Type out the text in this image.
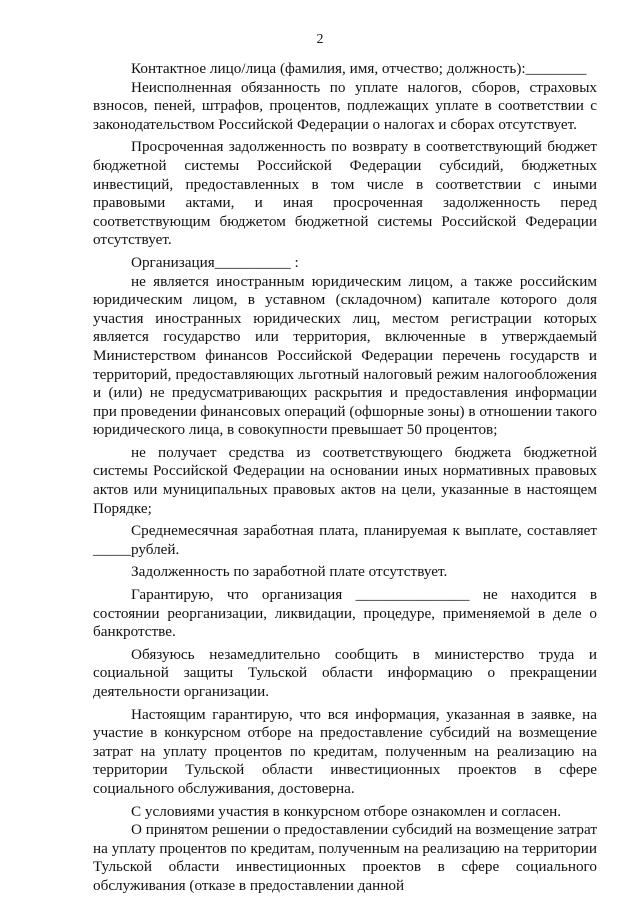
2

Контактное лицо/лица (фамилия, имя, отчество; должность):________

Неисполненная обязанность по уплате налогов, сборов, страховых взносов, пеней, штрафов, процентов, подлежащих уплате в соответствии с законодательством Российской Федерации о налогах и сборах отсутствует.

Просроченная задолженность по возврату в соответствующий бюджет бюджетной системы Российской Федерации субсидий, бюджетных инвестиций, предоставленных в том числе в соответствии с иными правовыми актами, и иная просроченная задолженность перед соответствующим бюджетом бюджетной системы Российской Федерации отсутствует.

Организация__________ :

не является иностранным юридическим лицом, а также российским юридическим лицом, в уставном (складочном) капитале которого доля участия иностранных юридических лиц, местом регистрации которых является государство или территория, включенные в утверждаемый Министерством финансов Российской Федерации перечень государств и территорий, предоставляющих льготный налоговый режим налогообложения и (или) не предусматривающих раскрытия и предоставления информации при проведении финансовых операций (офшорные зоны) в отношении такого юридического лица, в совокупности превышает 50 процентов;

не получает средства из соответствующего бюджета бюджетной системы Российской Федерации на основании иных нормативных правовых актов или муниципальных правовых актов на цели, указанные в настоящем Порядке;

Среднемесячная заработная плата, планируемая к выплате, составляет _____рублей.

Задолженность по заработной плате отсутствует.

Гарантирую, что организация _______________ не находится в состоянии реорганизации, ликвидации, процедуре, применяемой в деле о банкротстве.

Обязуюсь незамедлительно сообщить в министерство труда и социальной защиты Тульской области информацию о прекращении деятельности организации.

Настоящим гарантирую, что вся информация, указанная в заявке, на участие в конкурсном отборе на предоставление субсидий на возмещение затрат на уплату процентов по кредитам, полученным на реализацию на территории Тульской области инвестиционных проектов в сфере социального обслуживания, достоверна.

С условиями участия в конкурсном отборе ознакомлен и согласен.

О принятом решении о предоставлении субсидий на возмещение затрат на уплату процентов по кредитам, полученным на реализацию на территории Тульской области инвестиционных проектов в сфере социального обслуживания (отказе в предоставлении данной
